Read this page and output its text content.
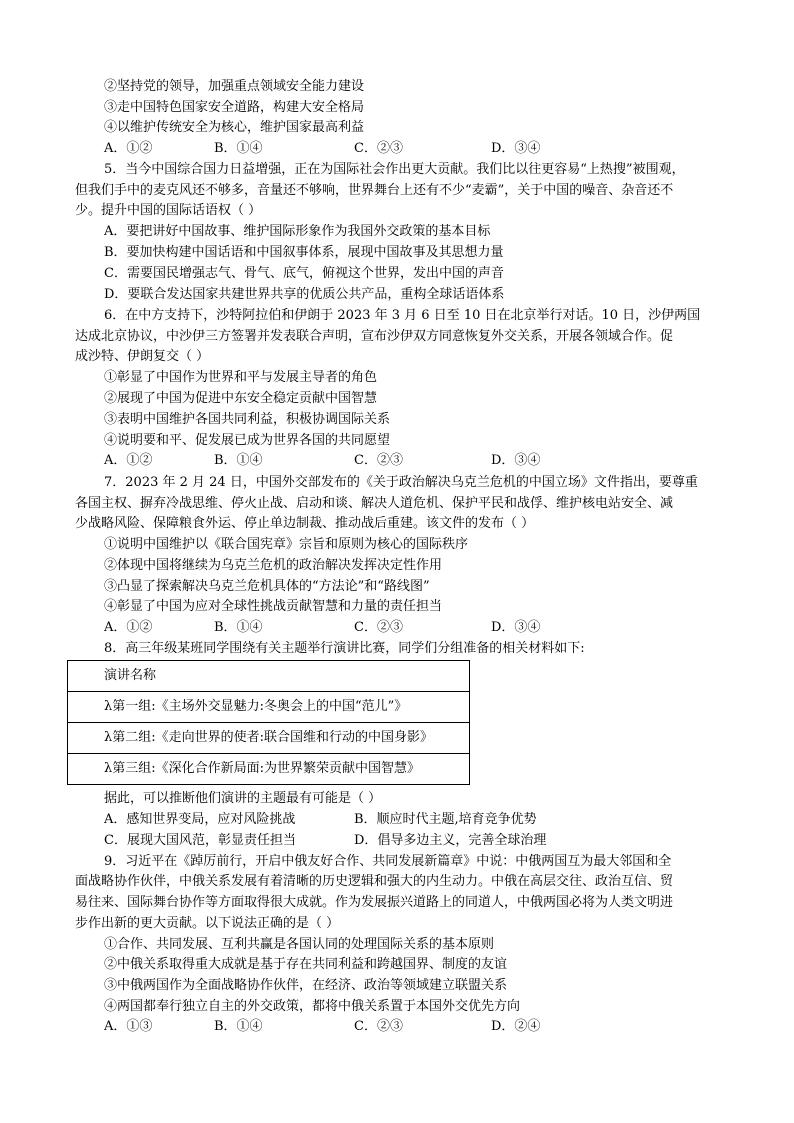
②坚持党的领导，加强重点领域安全能力建设
③走中国特色国家安全道路，构建大安全格局
④以维护传统安全为核心，维护国家最高利益
A．①②	B．①④	C．②③	D．③④
5．当今中国综合国力日益增强，正在为国际社会作出更大贡献。我们比以往更容易“上热搜”被围观，
但我们手中的麦克风还不够多，音量还不够响，世界舞台上还有不少“麦霸”，关于中国的噪音、杂音还不
少。提升中国的国际话语权（ ）
A．要把讲好中国故事、维护国际形象作为我国外交政策的基本目标
B．要加快构建中国话语和中国叙事体系，展现中国故事及其思想力量
C．需要国民增强志气、骨气、底气，俯视这个世界，发出中国的声音
D．要联合发达国家共建世界共享的优质公共产品，重构全球话语体系
6．在中方支持下，沙特阿拉伯和伊朗于 2023 年 3 月 6 日至 10 日在北京举行对话。10 日，沙伊两国
达成北京协议，中沙伊三方签署并发表联合声明，宣布沙伊双方同意恢复外交关系，开展各领域合作。促
成沙特、伊朗复交（ ）
①彰显了中国作为世界和平与发展主导者的角色
②展现了中国为促进中东安全稳定贡献中国智慧
③表明中国维护各国共同利益，积极协调国际关系
④说明要和平、促发展已成为世界各国的共同愿望
A．①②	B．①④	C．②③	D．③④
7．2023 年 2 月 24 日，中国外交部发布的《关于政治解决乌克兰危机的中国立场》文件指出，要尊重
各国主权、摒弃冷战思维、停火止战、启动和谈、解决人道危机、保护平民和战俘、维护核电站安全、减
少战略风险、保障粮食外运、停止单边制裁、推动战后重建。该文件的发布（ ）
①说明中国维护以《联合国宪章》宗旨和原则为核心的国际秩序
②体现中国将继续为乌克兰危机的政治解决发挥决定性作用
③凸显了探索解决乌克兰危机具体的“方法论”和“路线图”
④彰显了中国为应对全球性挑战贡献智慧和力量的责任担当
A．①②	B．①④	C．②③	D．③④
8．高三年级某班同学围绕有关主题举行演讲比赛，同学们分组准备的相关材料如下:
演讲名称
λ第一组:《主场外交显魅力:冬奥会上的中国“范儿”》
λ第二组:《走向世界的使者:联合国维和行动的中国身影》
λ第三组:《深化合作新局面:为世界繁荣贡献中国智慧》
据此，可以推断他们演讲的主题最有可能是（ ）
A．感知世界变局，应对风险挑战	B．顺应时代主题,培育竞争优势
C．展现大国风范，彰显责任担当	D．倡导多边主义，完善全球治理
9．习近平在《踔厉前行，开启中俄友好合作、共同发展新篇章》中说：中俄两国互为最大邻国和全
面战略协作伙伴，中俄关系发展有着清晰的历史逻辑和强大的内生动力。中俄在高层交往、政治互信、贸
易往来、国际舞台协作等方面取得很大成就。作为发展振兴道路上的同道人，中俄两国必将为人类文明进
步作出新的更大贡献。以下说法正确的是（ ）
①合作、共同发展、互利共赢是各国认同的处理国际关系的基本原则
②中俄关系取得重大成就是基于存在共同利益和跨越国界、制度的友谊
③中俄两国作为全面战略协作伙伴，在经济、政治等领域建立联盟关系
④两国都奉行独立自主的外交政策，都将中俄关系置于本国外交优先方向
A．①③	B．①④	C．②③	D．②④
